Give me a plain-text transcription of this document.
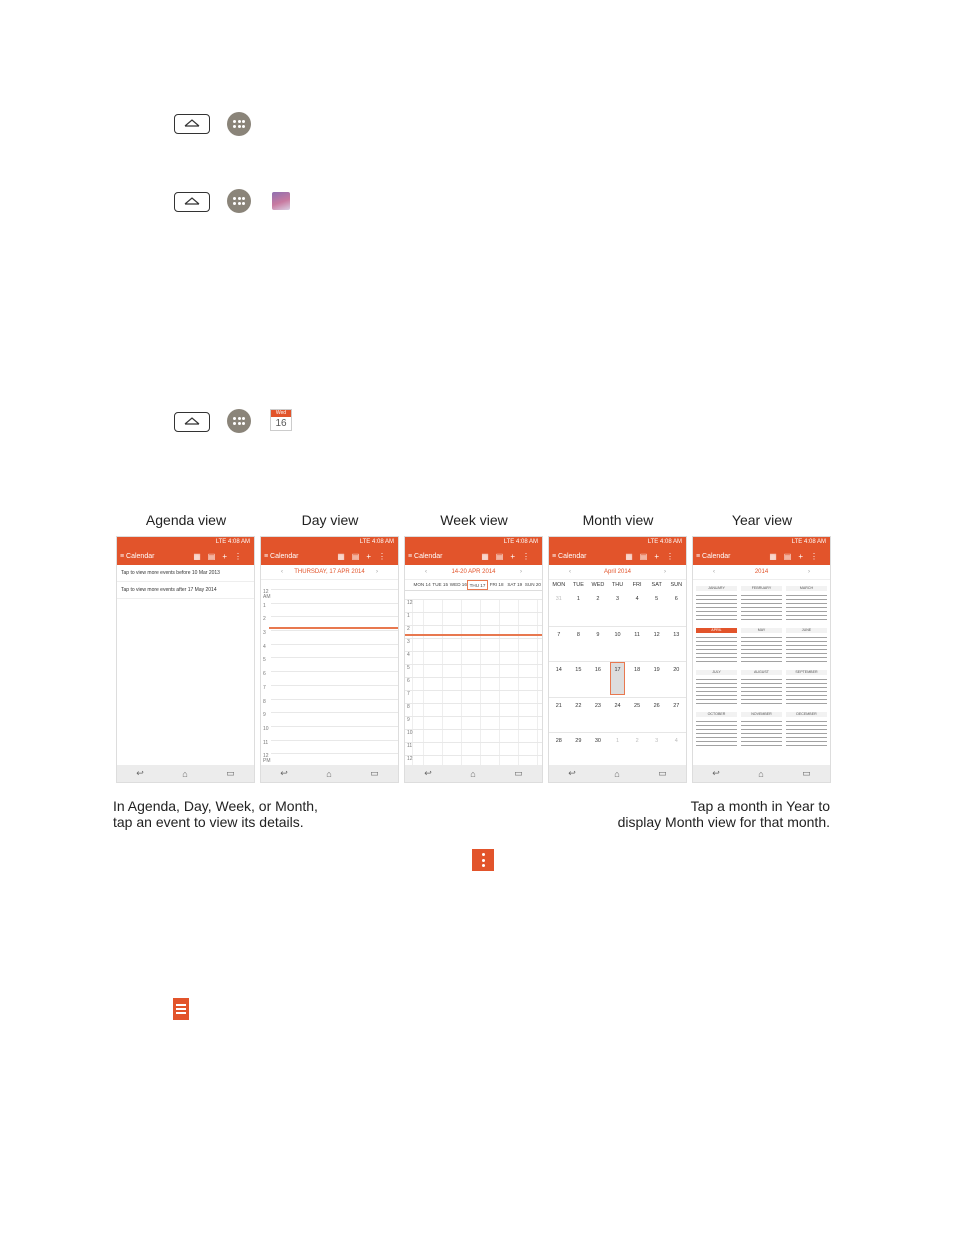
Wed
16
Agenda view	Day view	Week view	Month view	Year view
LTE 4:08 AM
≡ Calendar	▦▤+⋮
Tap to view more events before 10 Mar 2013
Tap to view more events after 17 May 2014
↩	⌂	▭
LTE 4:08 AM
≡ Calendar	▦▤+⋮
‹ THURSDAY, 17 APR 2014 ›
12
AM
1
2
3
4
5
6
7
8
9
10
11
12
PM
↩	⌂	▭
LTE 4:08 AM
≡ Calendar	▦▤+⋮
‹	14-20 APR 2014	›
MON 14 TUE 15 WED 16 THU 17 FRI 18 SAT 19 SUN 20
12
1
2
3
4
5
6
7
8
9
10
11
12
↩	⌂	▭
LTE 4:08 AM
≡ Calendar	▦▤+⋮
‹	April 2014	›
MON	TUE	WED	THU	FRI	SAT	SUN
31	1	2	3	4	5	6
7	8	9	10	11	12	13
14	15	16	17	18	19	20
21	22	23	24	25	26	27
28	29	30	1	2	3	4
↩	⌂	▭
LTE 4:08 AM
≡ Calendar	▦▤+⋮
‹	2014	›
JANUARY	FEBRUARY	MARCH
APRIL	MAY	JUNE
JULY	AUGUST	SEPTEMBER
OCTOBER	NOVEMBER	DECEMBER
↩	⌂	▭
In Agenda, Day, Week, or Month,
tap an event to view its details.
Tap a month in Year to
display Month view for that month.
